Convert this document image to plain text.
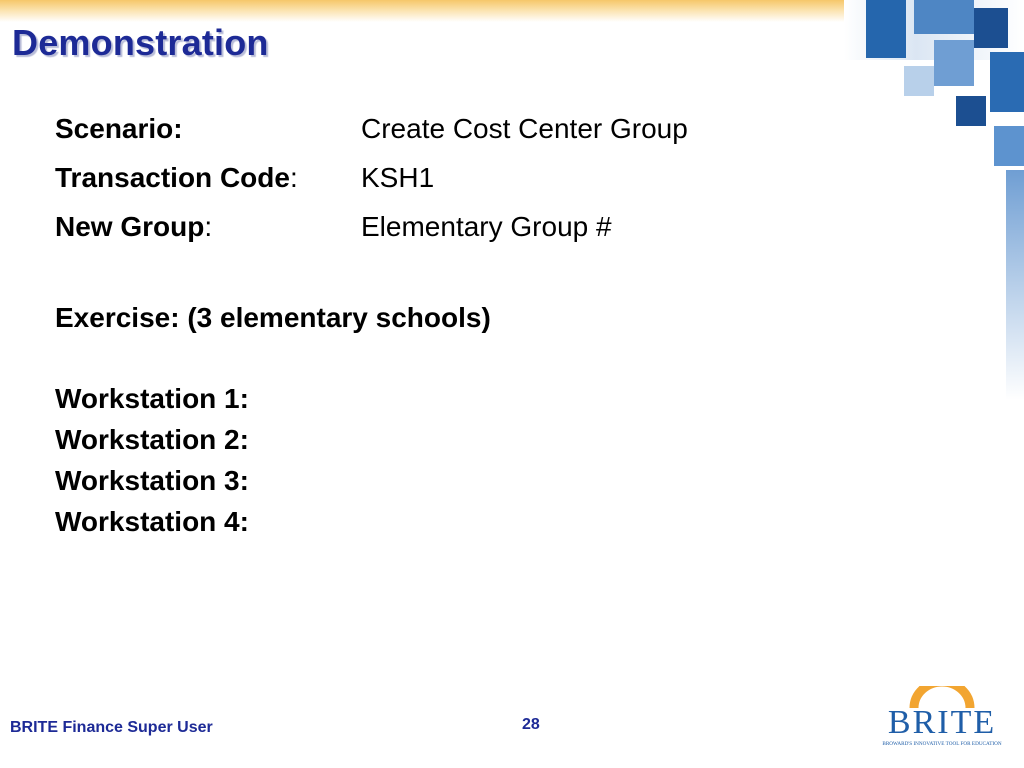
Demonstration
Scenario:	Create Cost Center Group
Transaction Code: KSH1
New Group:	Elementary Group #
Exercise: (3 elementary schools)
Workstation 1:
Workstation 2:
Workstation 3:
Workstation 4:
BRITE Finance Super User	28	BRITE
BROWARD'S INNOVATIVE TOOL FOR EDUCATION
